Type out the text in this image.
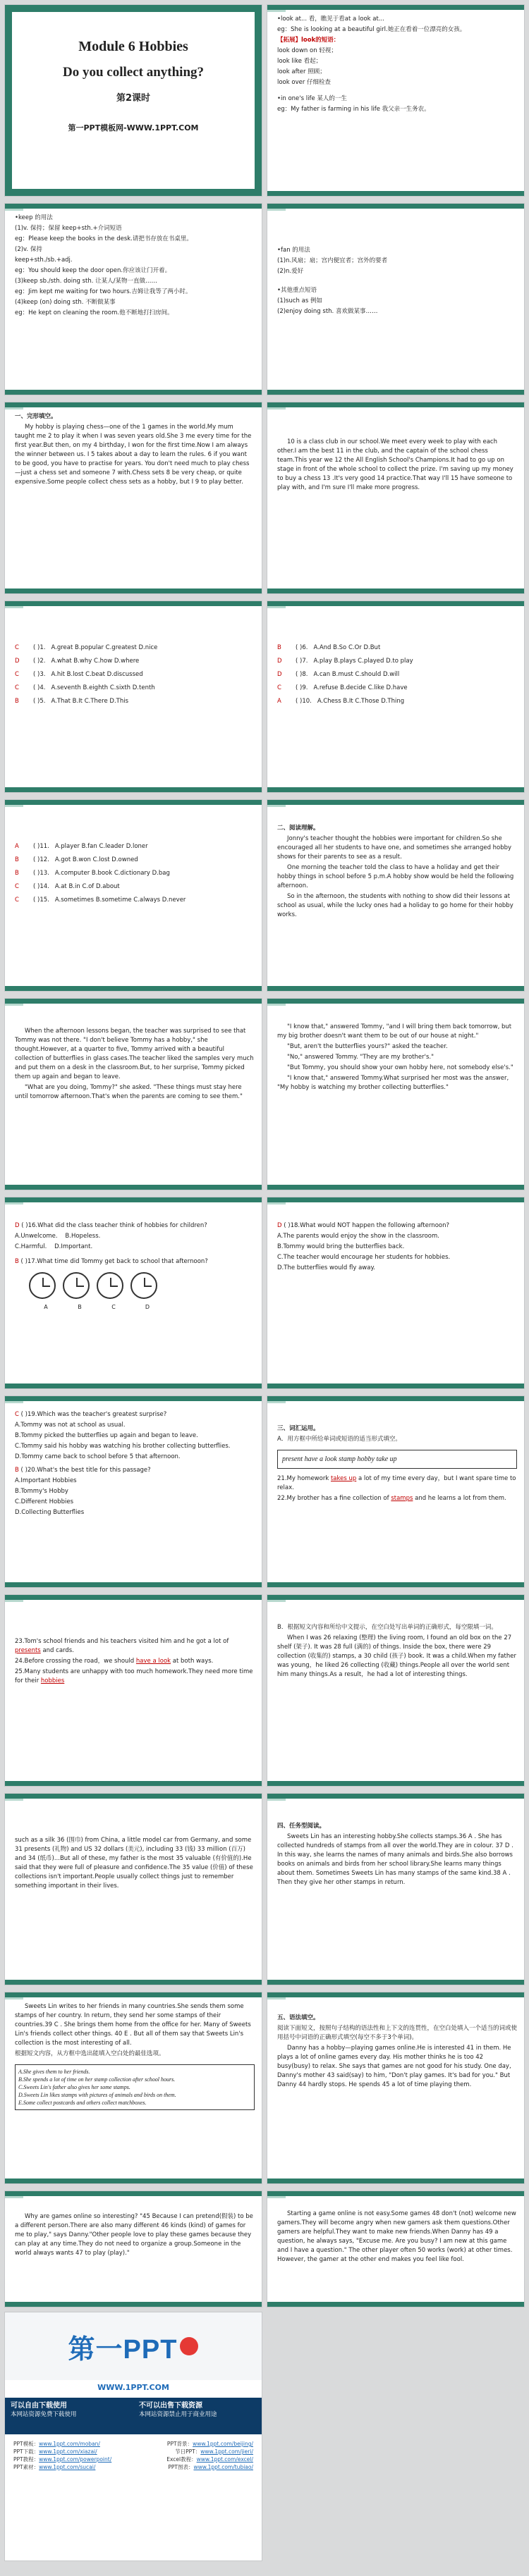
Module 6 Hobbies
Do you collect anything?
第2课时
第一PPT模板网-WWW.1PPT.COM

•look at... 看，瞧见于看at a look at...

eg：She is looking at a beautiful girl.她正在看着一位漂亮的女孩。

【拓展】look的短语：

look down on 轻视；

look like 看起；

look after 照顾；

look over 仔细检查

•in one's life 某人的一生

eg：My father is farming in his life 我父亲一生务农。

•keep 的用法

(1)v. 保持；保留 keep+sth.+介词短语

eg：Please keep the books in the desk.请把书存放在书桌里。

(2)v. 保持

keep+sth./sb.+adj.

eg：You should keep the door open.你应该让门开着。

(3)keep sb./sth. doing sth. 让某人/某物一直做……

eg：Jim kept me waiting for two hours.吉姆让我等了两小时。

(4)keep (on) doing sth. 不断做某事

eg：He kept on cleaning the room.他不断地打扫房间。

•fan 的用法

(1)n.风扇；扇；宫内便宜者；宫外的要者

(2)n.爱好

•其他重点短语

(1)such as 例如

(2)enjoy doing sth. 喜欢做某事……

一、完形填空。

My hobby is playing chess—one of the 1 games in the world.My mum taught me 2 to play it when I was seven years old.She 3 me every time for the first year.But then, on my 4 birthday, I won for the first time.Now I am always the winner between us. I 5 takes about a day to learn the rules. 6 if you want to be good, you have to practise for years. You don't need much to play chess—just a chess set and someone 7 with.Chess sets 8 be very cheap, or quite expensive.Some people collect chess sets as a hobby, but I 9 to play better.

10 is a class club in our school.We meet every week to play with each other.I am the best 11 in the club, and the captain of the school chess team.This year we 12 the All English School's Champions.It had to go up on stage in front of the whole school to collect the prize. I'm saving up my money to buy a chess 13 .It's very good 14 practice.That way I'll 15 have someone to play with, and I'm sure I'll make more progress.

C	( )1. A.great B.popular C.greatest D.nice
D	( )2. A.what B.why C.how D.where
C	( )3. A.hit B.lost C.beat D.discussed
C	( )4. A.seventh B.eighth C.sixth D.tenth
B	( )5. A.That B.It C.There D.This
B	( )6. A.And B.So C.Or D.But
D	( )7. A.play B.plays C.played D.to play
D	( )8. A.can B.must C.should D.will
C	( )9. A.refuse B.decide C.like D.have
A	( )10. A.Chess B.It C.Those D.Thing
A	( )11. A.player B.fan C.leader D.loner
B	( )12. A.got B.won C.lost D.owned
B	( )13. A.computer B.book C.dictionary D.bag
C	( )14. A.at B.in C.of D.about
C	( )15. A.sometimes B.sometime C.always D.never

二、阅读理解。

Jonny's teacher thought the hobbies were important for children.So she encouraged all her students to have one, and sometimes she arranged hobby shows for their parents to see as a result.

One morning the teacher told the class to have a holiday and get their hobby things in school before 5 p.m.A hobby show would be held the following afternoon.

So in the afternoon, the students with nothing to show did their lessons at school as usual, while the lucky ones had a holiday to go home for their hobby works.

When the afternoon lessons began, the teacher was surprised to see that Tommy was not there. "I don't believe Tommy has a hobby," she thought.However, at a quarter to five, Tommy arrived with a beautiful collection of butterflies in glass cases.The teacher liked the samples very much and put them on a desk in the classroom.But, to her surprise, Tommy picked them up again and began to leave.

"What are you doing, Tommy?" she asked. "These things must stay here until tomorrow afternoon.That's when the parents are coming to see them."

"I know that," answered Tommy, "and I will bring them back tomorrow, but my big brother doesn't want them to be out of our house at night."

"But, aren't the butterflies yours?" asked the teacher.

"No," answered Tommy. "They are my brother's."

"But Tommy, you should show your own hobby here, not somebody else's."

"I know that," answered Tommy.What surprised her most was the answer, "My hobby is watching my brother collecting butterflies."

D ( )16.What did the class teacher think of hobbies for children?

A.Unwelcome. B.Hopeless.

C.Harmful. D.Important.

B ( )17.What time did Tommy get back to school that afternoon?

A	B	C	D

D ( )18.What would NOT happen the following afternoon?

A.The parents would enjoy the show in the classroom.

B.Tommy would bring the butterflies back.

C.The teacher would encourage her students for hobbies.

D.The butterflies would fly away.

C ( )19.Which was the teacher's greatest surprise?

A.Tommy was not at school as usual.

B.Tommy picked the butterflies up again and began to leave.

C.Tommy said his hobby was watching his brother collecting butterflies.

D.Tommy came back to school before 5 that afternoon.

B ( )20.What's the best title for this passage?

A.Important Hobbies

B.Tommy's Hobby

C.Different Hobbies

D.Collecting Butterflies

三、词汇运用。

A．用方框中所给单词或短语的适当形式填空。

present have a look stamp hobby take up

21.My homework takes up a lot of my time every day，but I want spare time to relax.

22.My brother has a fine collection of stamps and he learns a lot from them.

23.Tom's school friends and his teachers visited him and he got a lot of presents and cards.

24.Before crossing the road，we should have a look at both ways.

25.Many students are unhappy with too much homework.They need more time for their hobbies

B．根据短文内容和所给中文提示，在空白处写出单词的正确形式，每空限填一词。

When I was 26 relaxing (整理) the living room, I found an old box on the 27 shelf (架子). It was 28 full (满的) of things. Inside the box, there were 29 collection (收集的) stamps, a 30 child (孩子) book. It was a child.When my father was young，he liked 26 collecting (收藏) things.People all over the world sent him many things.As a result，he had a lot of interesting things.

such as a silk 36 (围巾) from China, a little model car from Germany, and some 31 presents (礼物) and US 32 dollars (美元), including 33 (钱) 33 million (百万) and 34 (纸币)...But all of these, my father is the most 35 valuable (有价值的).He said that they were full of pleasure and confidence.The 35 value (价值) of these collections isn't important.People usually collect things just to remember something important in their lives.

四、任务型阅读。

Sweets Lin has an interesting hobby.She collects stamps.36 A . She has collected hundreds of stamps from all over the world.They are in colour. 37 D . In this way, she learns the names of many animals and birds.She also borrows books on animals and birds from her school library.She learns many things about them. Sometimes Sweets Lin has many stamps of the same kind.38 A . Then they give her other stamps in return.

Sweets Lin writes to her friends in many countries.She sends them some stamps of her country. In return, they send her some stamps of their countries.39 C . She brings them home from the office for her. Many of Sweets Lin's friends collect other things. 40 E . But all of them say that Sweets Lin's collection is the most interesting of all.

根据短文内容，从方框中选出能填入空白处的最佳选项。

A.She gives them to her friends.
B.She spends a lot of time on her stamp collection after school hours.
C.Sweets Lin's father also gives her some stamps.
D.Sweets Lin likes stamps with pictures of animals and birds on them.
E.Some collect postcards and others collect matchboxes.

五、语法填空。

阅读下面短文，按照句子结构的语法性和上下文的连贯性，在空白处填入一个适当的词或使用括号中词语的正确形式填空(每空不多于3个单词)。

Danny has a hobby—playing games online.He is interested 41 in them. He plays a lot of online games every day. His mother thinks he is too 42 busy(busy) to relax. She says that games are not good for his study. One day, Danny's mother 43 said(say) to him, "Don't play games. It's bad for you." But Danny 44 hardly stops. He spends 45 a lot of time playing them.

Why are games online so interesting? "45 Because I can pretend(假装) to be a different person.There are also many different 46 kinds (kind) of games for me to play," says Danny."Other people love to play these games because they can play at any time.They do not need to organize a group.Someone in the world always wants 47 to play (play)."

Starting a game online is not easy.Some games 48 don't (not) welcome new gamers.They will become angry when new gamers ask them questions.Other gamers are helpful.They want to make new friends.When Danny has 49 a question, he always says, "Excuse me. Are you busy? I am new at this game and I have a question." The other player often 50 works (work) at other times. However, the gamer at the other end makes you feel like fool.

第一PPT
WWW.1PPT.COM
可以自由下载使用
本网站资源免费下载使用
不可以出售下载资源
本网站资源禁止用于商业用途
PPT模板：www.1ppt.com/moban/	PPT背景：www.1ppt.com/beijing/
PPT下载：www.1ppt.com/xiazai/	节日PPT：www.1ppt.com/jieri/
PPT教程：www.1ppt.com/powerpoint/	Excel教程：www.1ppt.com/excel/
PPT素材：www.1ppt.com/sucai/	PPT图表：www.1ppt.com/tubiao/
